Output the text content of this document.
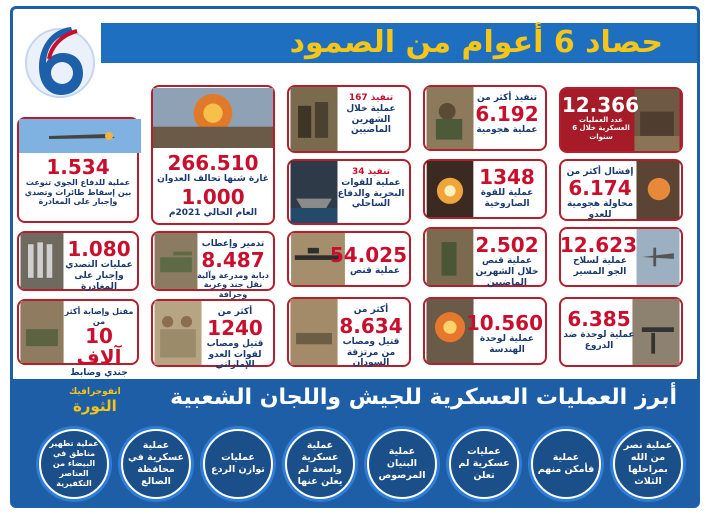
حصاد 6 أعوام من الصمود
12.366
عدد العمليات العسكرية خلال 6 سنوات
تنفيذ أكثر من
6.192
عملية هجومية
تنفيذ 167
عملية خلال الشهرين الماضيين
266.510
غارة شنها تحالف العدوان
1.000
العام الحالي 2021م
إفشال أكثر من
6.174
محاولة هجومية للعدو
1348
عملية للقوة الصاروخية
تنفيذ 34
عملية للقوات البحرية والدفاع الساحلي
1.534
عملية للدفاع الجوي تنوعت بين إسقاط طائرات وتصدي وإجبار على المغادرة
12.623
عملية لسلاح الجو المسير
2.502
عملية قنص خلال الشهرين الماضيين
54.025
عملية قنص
تدمير وإعطاب
8.487
دبابة ومدرعة وآلية نقل جند وعربة وجرافة
1.080
عمليات التصدي وإجبار على المغادرة
6.385
عملية لوحدة ضد الدروع
10.560
عملية لوحدة الهندسة
أكثر من
8.634
قتيل ومصاب من مرتزقة السودان
أكثر من
1240
قتيل ومصاب لقوات العدو الإماراتي
مقتل وإصابة أكثر من
10 آلاف
جندي وضابط
أبرز العمليات العسكرية للجيش واللجان الشعبية
انفوجرافيك
الثورة
عملية نصر من الله بمراحلها الثلاث
عملية فأمكن منهم
عمليات عسكرية لم تعلن
عملية البنيان المرصوص
عملية عسكرية واسعة لم يعلن عنها
عمليات توازن الردع
عملية عسكرية في محافظة الضالع
عملية تطهير مناطق في البيضاء من العناصر التكفيرية
